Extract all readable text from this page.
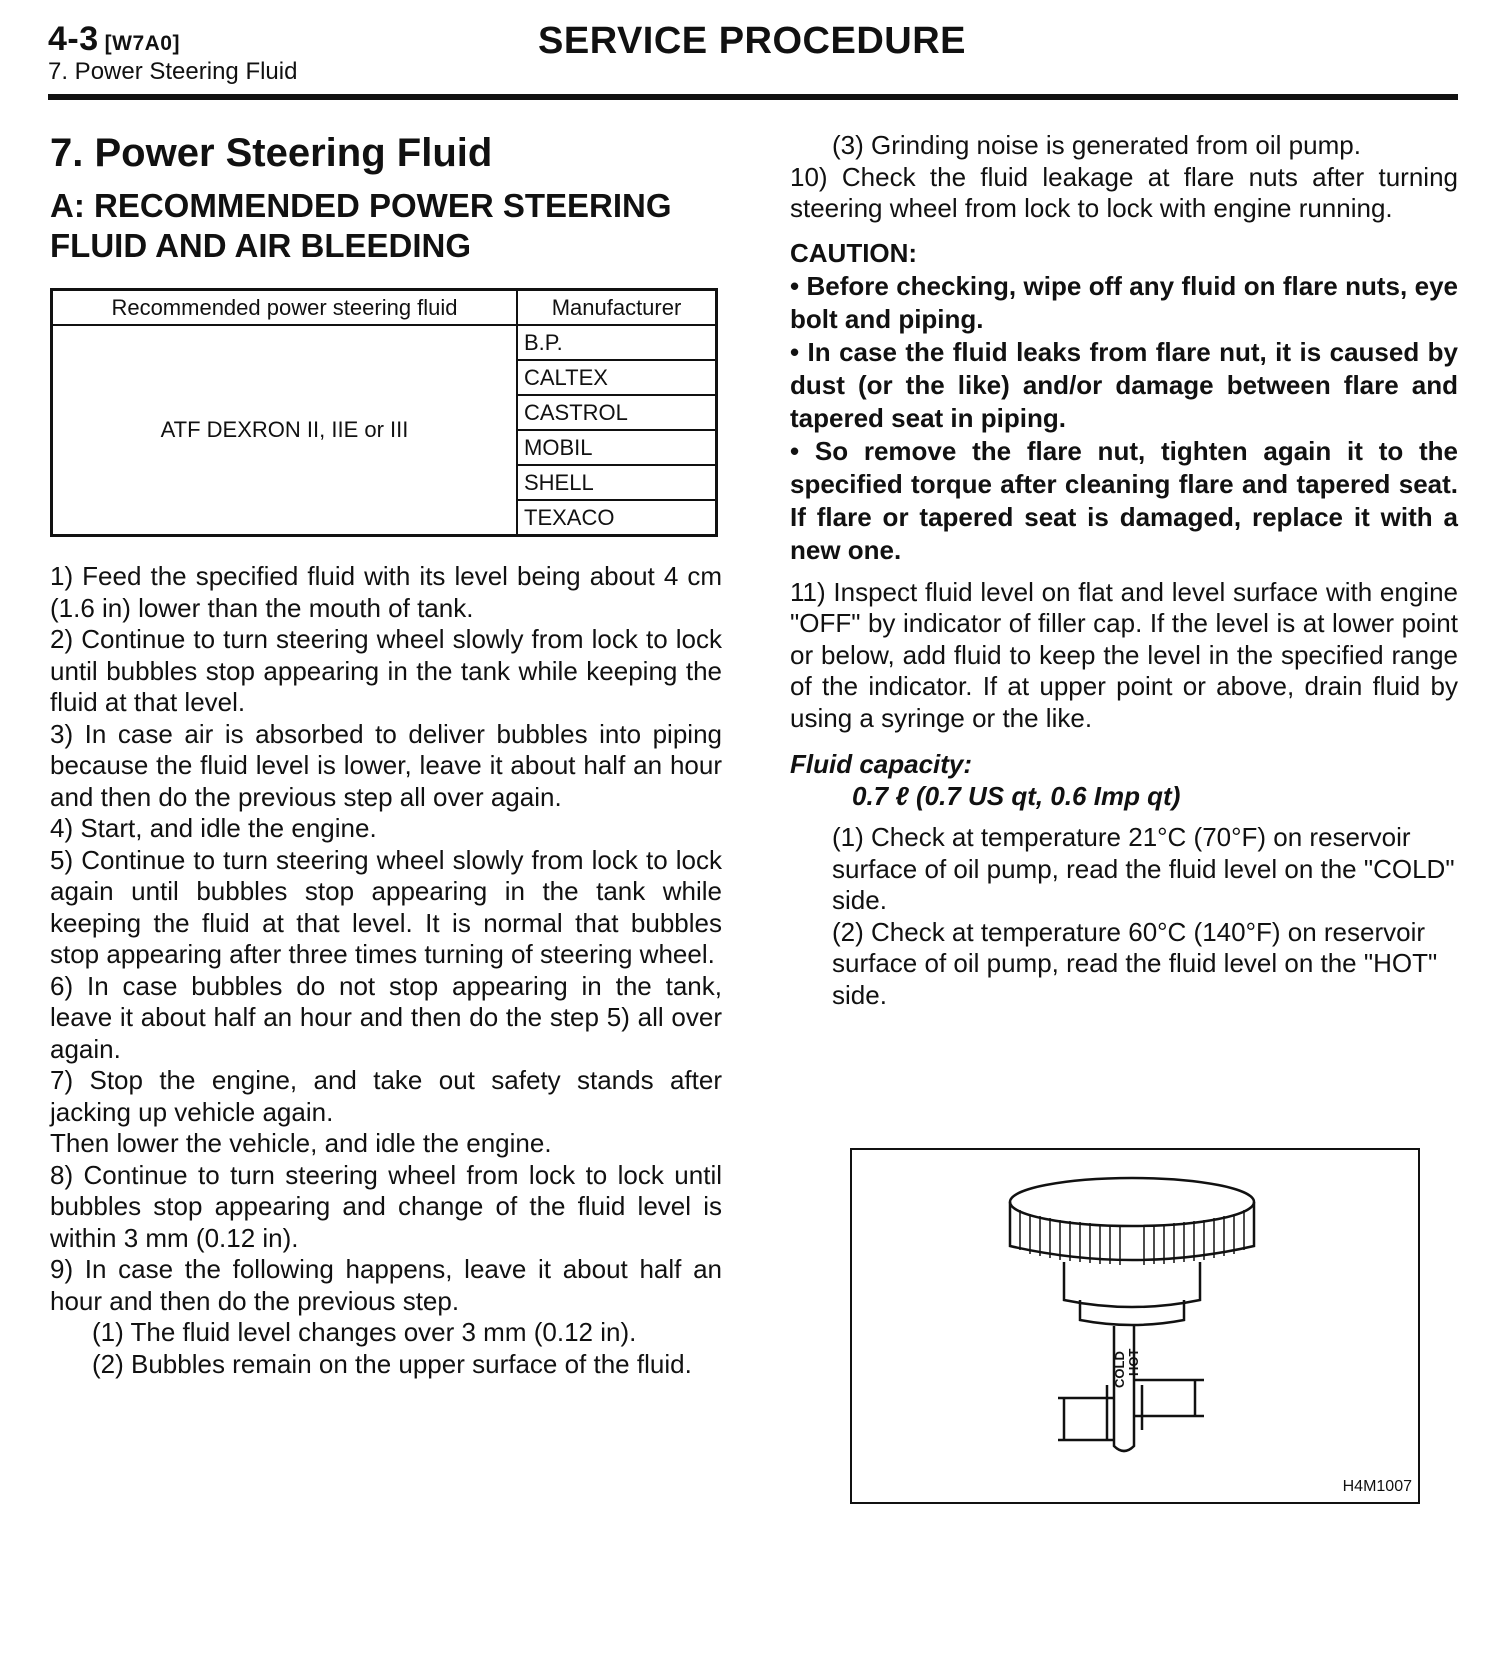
4-3 [W7A0]
7. Power Steering Fluid
SERVICE PROCEDURE
7. Power Steering Fluid
A: RECOMMENDED POWER STEERING FLUID AND AIR BLEEDING
Recommended power steering fluid	Manufacturer
ATF DEXRON II, IIE or III	B.P.
	CALTEX
	CASTROL
	MOBIL
	SHELL
	TEXACO

1) Feed the specified fluid with its level being about 4 cm (1.6 in) lower than the mouth of tank.

2) Continue to turn steering wheel slowly from lock to lock until bubbles stop appearing in the tank while keeping the fluid at that level.

3) In case air is absorbed to deliver bubbles into piping because the fluid level is lower, leave it about half an hour and then do the previous step all over again.

4) Start, and idle the engine.

5) Continue to turn steering wheel slowly from lock to lock again until bubbles stop appearing in the tank while keeping the fluid at that level. It is normal that bubbles stop appearing after three times turning of steering wheel.

6) In case bubbles do not stop appearing in the tank, leave it about half an hour and then do the step 5) all over again.

7) Stop the engine, and take out safety stands after jacking up vehicle again.

Then lower the vehicle, and idle the engine.

8) Continue to turn steering wheel from lock to lock until bubbles stop appearing and change of the fluid level is within 3 mm (0.12 in).

9) In case the following happens, leave it about half an hour and then do the previous step.

(1) The fluid level changes over 3 mm (0.12 in).

(2) Bubbles remain on the upper surface of the fluid.

(3) Grinding noise is generated from oil pump.

10) Check the fluid leakage at flare nuts after turning steering wheel from lock to lock with engine running.

CAUTION:

• Before checking, wipe off any fluid on flare nuts, eye bolt and piping.

• In case the fluid leaks from flare nut, it is caused by dust (or the like) and/or damage between flare and tapered seat in piping.

• So remove the flare nut, tighten again it to the specified torque after cleaning flare and tapered seat. If flare or tapered seat is damaged, replace it with a new one.

11) Inspect fluid level on flat and level surface with engine "OFF" by indicator of filler cap. If the level is at lower point or below, add fluid to keep the level in the specified range of the indicator. If at upper point or above, drain fluid by using a syringe or the like.

Fluid capacity:
0.7 ℓ (0.7 US qt, 0.6 Imp qt)

(1) Check at temperature 21°C (70°F) on reservoir surface of oil pump, read the fluid level on the "COLD" side.

(2) Check at temperature 60°C (140°F) on reservoir surface of oil pump, read the fluid level on the "HOT" side.

COLD HOT
H4M1007
